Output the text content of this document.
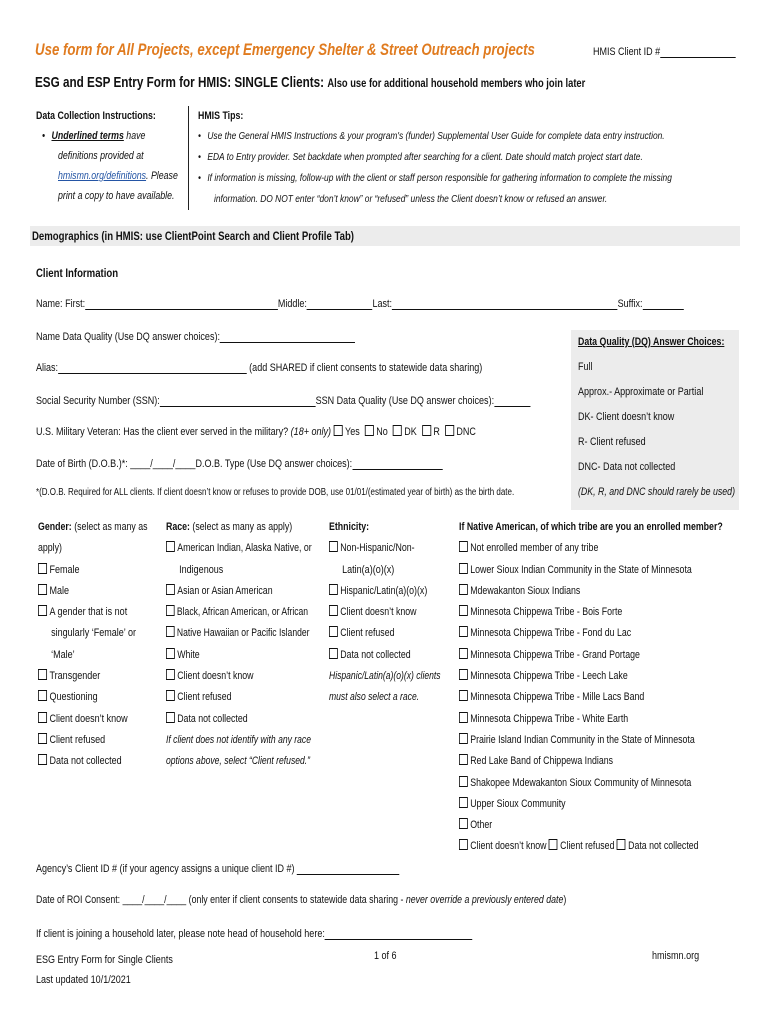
Use form for All Projects, except Emergency Shelter & Street Outreach projects	HMIS Client ID #
ESG and ESP Entry Form for HMIS: SINGLE Clients: Also use for additional household members who join later
Data Collection Instructions:
• Underlined terms have
definitions provided at
hmismn.org/definitions. Please
print a copy to have available.
HMIS Tips:
• Use the General HMIS Instructions & your program's (funder) Supplemental User Guide for complete data entry instruction.
• EDA to Entry provider. Set backdate when prompted after searching for a client. Date should match project start date.
• If information is missing, follow-up with the client or staff person responsible for gathering information to complete the missing
information. DO NOT enter “don’t know” or “refused” unless the Client doesn’t know or refused an answer.
Demographics (in HMIS: use ClientPoint Search and Client Profile Tab)
Client Information
Name: First:	Middle:	Last:	Suffix:
Name Data Quality (Use DQ answer choices):
Alias:	(add SHARED if client consents to statewide data sharing)
Social Security Number (SSN):	SSN Data Quality (Use DQ answer choices):
U.S. Military Veteran: Has the client ever served in the military? (18+ only) Yes No DK R DNC
Date of Birth (D.O.B.)*: ____/____/____D.O.B. Type (Use DQ answer choices):
*(D.O.B. Required for ALL clients. If client doesn’t know or refuses to provide DOB, use 01/01/(estimated year of birth) as the birth date.
Data Quality (DQ) Answer Choices:
Full
Approx.- Approximate or Partial
DK- Client doesn’t know
R- Client refused
DNC- Data not collected
(DK, R, and DNC should rarely be used)
Gender: (select as many as
apply)
Female
Male
A gender that is not
singularly ‘Female’ or
‘Male’
Transgender
Questioning
Client doesn’t know
Client refused
Data not collected
Race: (select as many as apply)
American Indian, Alaska Native, or
Indigenous
Asian or Asian American
Black, African American, or African
Native Hawaiian or Pacific Islander
White
Client doesn’t know
Client refused
Data not collected
If client does not identify with any race
options above, select “Client refused.”
Ethnicity:
Non-Hispanic/Non-
Latin(a)(o)(x)
Hispanic/Latin(a)(o)(x)
Client doesn’t know
Client refused
Data not collected
Hispanic/Latin(a)(o)(x) clients
must also select a race.
If Native American, of which tribe are you an enrolled member?
Not enrolled member of any tribe
Lower Sioux Indian Community in the State of Minnesota
Mdewakanton Sioux Indians
Minnesota Chippewa Tribe - Bois Forte
Minnesota Chippewa Tribe - Fond du Lac
Minnesota Chippewa Tribe - Grand Portage
Minnesota Chippewa Tribe - Leech Lake
Minnesota Chippewa Tribe - Mille Lacs Band
Minnesota Chippewa Tribe - White Earth
Prairie Island Indian Community in the State of Minnesota
Red Lake Band of Chippewa Indians
Shakopee Mdewakanton Sioux Community of Minnesota
Upper Sioux Community
Other
Client doesn’t know Client refused Data not collected
Agency’s Client ID # (if your agency assigns a unique client ID #)
Date of ROI Consent: ____/____/____ (only enter if client consents to statewide data sharing - never override a previously entered date)
If client is joining a household later, please note head of household here:
ESG Entry Form for Single Clients
Last updated 10/1/2021
1 of 6	hmismn.org
